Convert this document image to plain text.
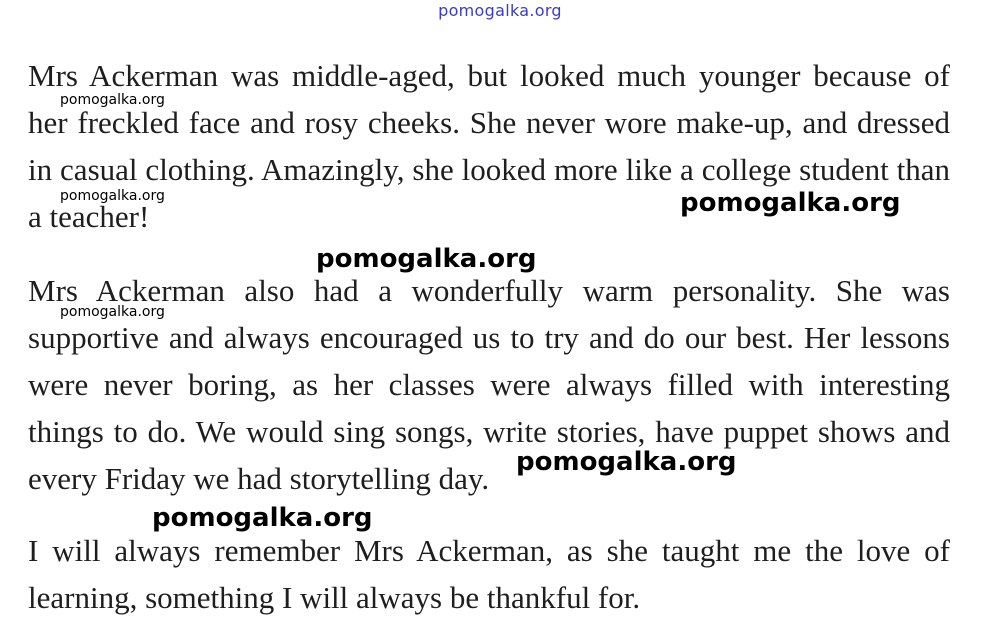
pomogalka.org

Mrs Ackerman was middle-aged, but looked much younger because of her freckled face and rosy cheeks. She never wore make-up, and dressed in casual clothing. Amazingly, she looked more like a college student than a teacher!

Mrs Ackerman also had a wonderfully warm personality. She was supportive and always encouraged us to try and do our best. Her lessons were never boring, as her classes were always filled with interesting things to do. We would sing songs, write stories, have puppet shows and every Friday we had storytelling day.

I will always remember Mrs Ackerman, as she taught me the love of learning, something I will always be thankful for.

pomogalka.org
pomogalka.org
pomogalka.org
pomogalka.org
pomogalka.org
pomogalka.org
pomogalka.org
